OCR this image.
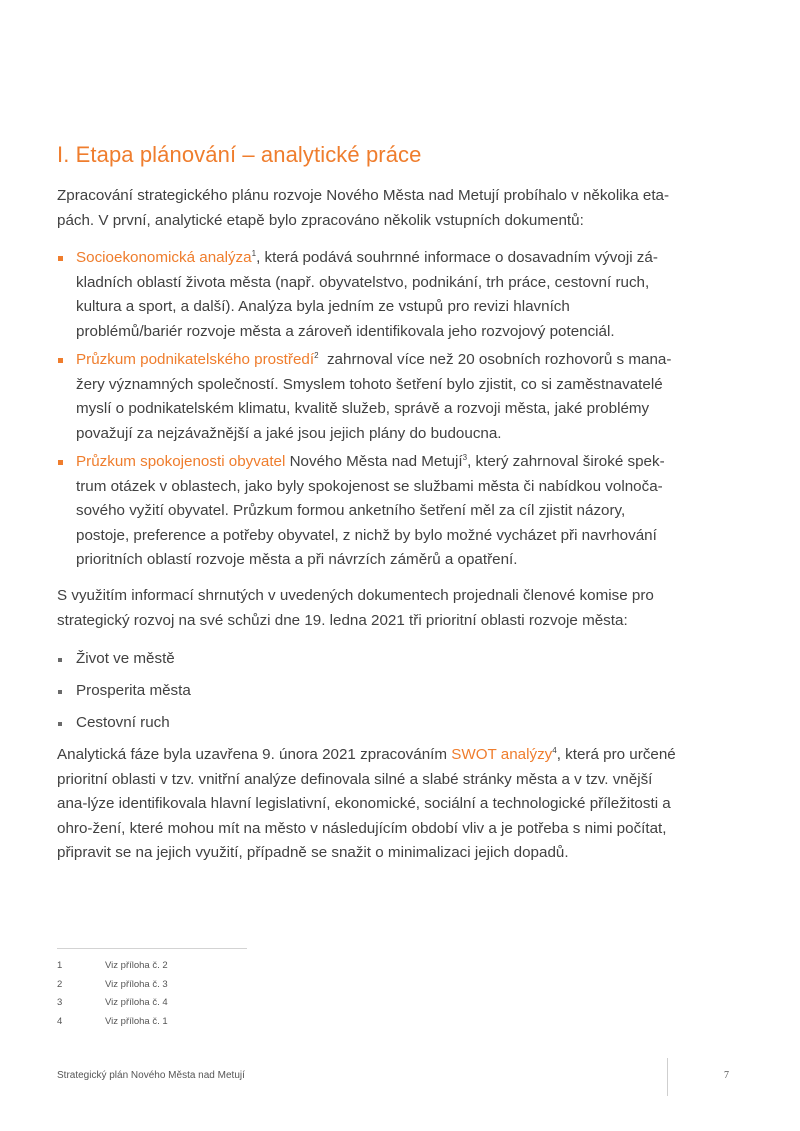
I. Etapa plánování – analytické práce

Zpracování strategického plánu rozvoje Nového Města nad Metují probíhalo v několika eta-pách. V první, analytické etapě bylo zpracováno několik vstupních dokumentů:

Socioekonomická analýza$^1$, která podává souhrnné informace o dosavadním vývoji zá-kladních oblastí života města (např. obyvatelstvo, podnikání, trh práce, cestovní ruch, kultura a sport, a další). Analýza byla jedním ze vstupů pro revizi hlavních problémů/bariér rozvoje města a zároveň identifikovala jeho rozvojový potenciál.
Průzkum podnikatelského prostředí$^2$  zahrnoval více než 20 osobních rozhovorů s mana-žery významných společností. Smyslem tohoto šetření bylo zjistit, co si zaměstnavatelé myslí o podnikatelském klimatu, kvalitě služeb, správě a rozvoji města, jaké problémy považují za nejzávažnější a jaké jsou jejich plány do budoucna.
Průzkum spokojenosti obyvatel Nového Města nad Metují$^3$, který zahrnoval široké spek-trum otázek v oblastech, jako byly spokojenost se službami města či nabídkou volnoča-sového vyžití obyvatel. Průzkum formou anketního šetření měl za cíl zjistit názory, postoje, preference a potřeby obyvatel, z nichž by bylo možné vycházet při navrhování prioritních oblastí rozvoje města a při návrzích záměrů a opatření.

S využitím informací shrnutých v uvedených dokumentech projednali členové komise pro strategický rozvoj na své schůzi dne 19. ledna 2021 tři prioritní oblasti rozvoje města:

Život ve městě
Prosperita města
Cestovní ruch

Analytická fáze byla uzavřena 9. února 2021 zpracováním SWOT analýzy$^4$, která pro určené prioritní oblasti v tzv. vnitřní analýze definovala silné a slabé stránky města a v tzv. vnější ana-lýze identifikovala hlavní legislativní, ekonomické, sociální a technologické příležitosti a ohro-žení, které mohou mít na město v následujícím období vliv a je potřeba s nimi počítat, připravit se na jejich využití, případně se snažit o minimalizaci jejich dopadů.

1	Viz příloha č. 2
2	Viz příloha č. 3
3	Viz příloha č. 4
4	Viz příloha č. 1
Strategický plán Nového Města nad Metují	7
